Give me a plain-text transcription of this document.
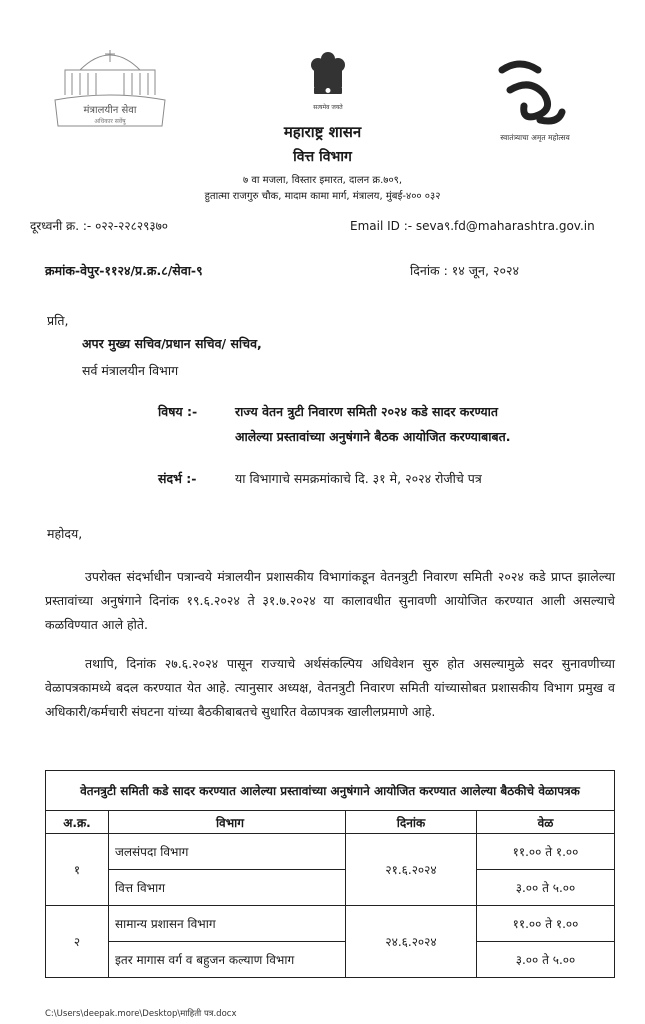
मंत्रालयीन सेवा
अधिकार सर्वेषु
सत्यमेव जयते
स्वातंत्र्याचा अमृत महोत्सव
महाराष्ट्र शासन
वित्त विभाग
७ वा मजला, विस्तार इमारत, दालन क्र.७०९,
हुतात्मा राजगुरु चौक, मादाम कामा मार्ग, मंत्रालय, मुंबई-४०० ०३२
दूरध्वनी क्र. :- ०२२-२२८२९३७०	Email ID :- seva९.fd@maharashtra.gov.in
क्रमांक-वेपुर-११२४/प्र.क्र.८/सेवा-९	दिनांक : १४ जून, २०२४
प्रति,
अपर मुख्य सचिव/प्रधान सचिव/ सचिव,
सर्व मंत्रालयीन विभाग
विषय :-	राज्य वेतन त्रुटी निवारण समिती २०२४ कडे सादर करण्यात
आलेल्या प्रस्तावांच्या अनुषंगाने बैठक आयोजित करण्याबाबत.
संदर्भ :-	या विभागाचे समक्रमांकाचे दि. ३१ मे, २०२४ रोजीचे पत्र
महोदय,
उपरोक्त संदर्भाधीन पत्रान्वये मंत्रालयीन प्रशासकीय विभागांकडून वेतनत्रुटी निवारण समिती २०२४ कडे प्राप्त झालेल्या प्रस्तावांच्या अनुषंगाने दिनांक १९.६.२०२४ ते ३१.७.२०२४ या कालावधीत सुनावणी आयोजित करण्यात आली असल्याचे कळविण्यात आले होते.
तथापि, दिनांक २७.६.२०२४ पासून राज्याचे अर्थसंकल्पिय अधिवेशन सुरु होत असल्यामुळे सदर सुनावणीच्या वेळापत्रकामध्ये बदल करण्यात येत आहे. त्यानुसार अध्यक्ष, वेतनत्रुटी निवारण समिती यांच्यासोबत प्रशासकीय विभाग प्रमुख व अधिकारी/कर्मचारी संघटना यांच्या बैठकीबाबतचे सुधारित वेळापत्रक खालीलप्रमाणे आहे.
वेतनत्रुटी समिती कडे सादर करण्यात आलेल्या प्रस्तावांच्या अनुषंगाने आयोजित करण्यात आलेल्या बैठकीचे वेळापत्रक			
अ.क्र.	विभाग	दिनांक	वेळ
१	जलसंपदा विभाग	२१.६.२०२४	११.०० ते १.००
	वित्त विभाग		३.०० ते ५.००
२	सामान्य प्रशासन विभाग	२४.६.२०२४	११.०० ते १.००
	इतर मागास वर्ग व बहुजन कल्याण विभाग		३.०० ते ५.००
C:\Users\deepak.more\Desktop\माहिती पत्र.docx
